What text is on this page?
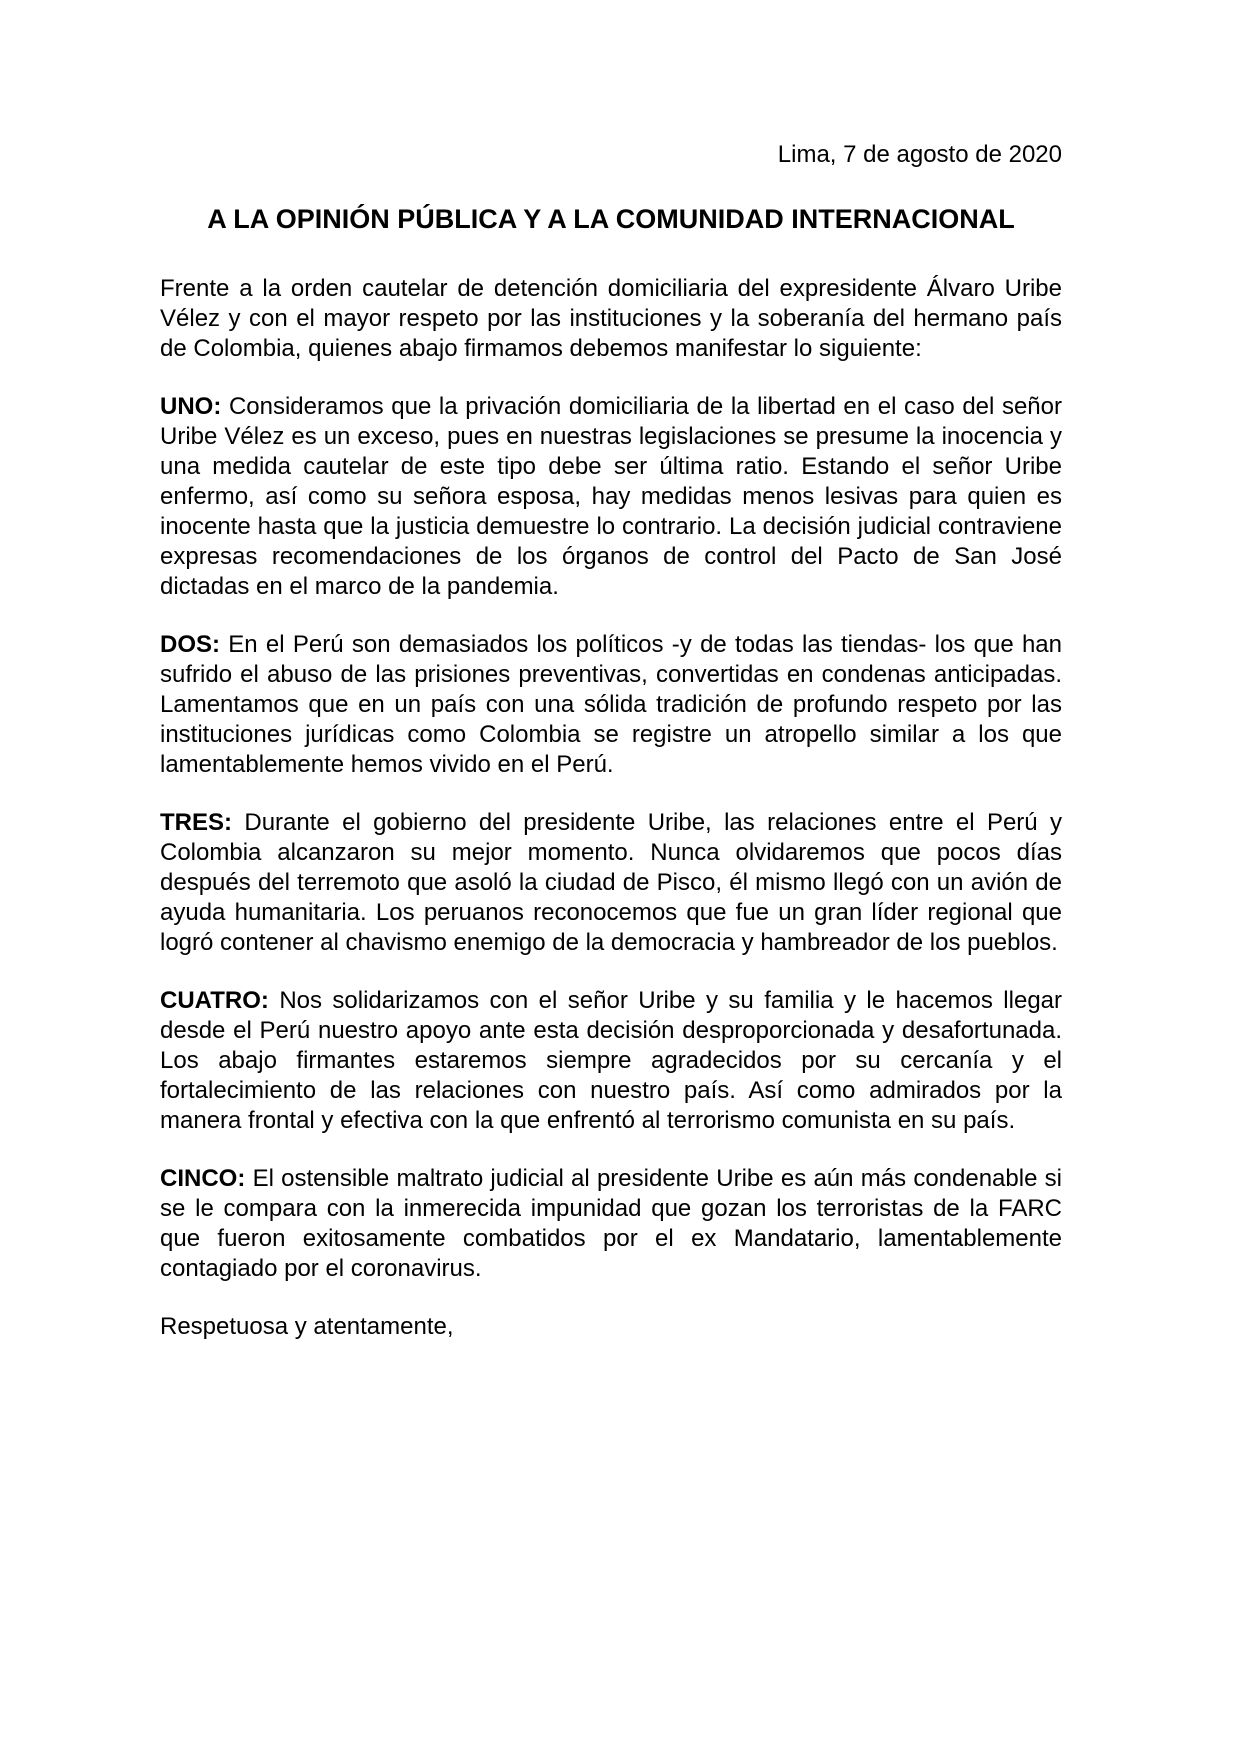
Lima, 7 de agosto de 2020

A LA OPINIÓN PÚBLICA Y A LA COMUNIDAD INTERNACIONAL

Frente a la orden cautelar de detención domiciliaria del expresidente Álvaro Uribe Vélez y con el mayor respeto por las instituciones y la soberanía del hermano país de Colombia, quienes abajo firmamos debemos manifestar lo siguiente:

UNO: Consideramos que la privación domiciliaria de la libertad en el caso del señor Uribe Vélez es un exceso, pues en nuestras legislaciones se presume la inocencia y una medida cautelar de este tipo debe ser última ratio. Estando el señor Uribe enfermo, así como su señora esposa, hay medidas menos lesivas para quien es inocente hasta que la justicia demuestre lo contrario. La decisión judicial contraviene expresas recomendaciones de los órganos de control del Pacto de San José dictadas en el marco de la pandemia.

DOS: En el Perú son demasiados los políticos -y de todas las tiendas- los que han sufrido el abuso de las prisiones preventivas, convertidas en condenas anticipadas. Lamentamos que en un país con una sólida tradición de profundo respeto por las instituciones jurídicas como Colombia se registre un atropello similar a los que lamentablemente hemos vivido en el Perú.

TRES: Durante el gobierno del presidente Uribe, las relaciones entre el Perú y Colombia alcanzaron su mejor momento. Nunca olvidaremos que pocos días después del terremoto que asoló la ciudad de Pisco, él mismo llegó con un avión de ayuda humanitaria. Los peruanos reconocemos que fue un gran líder regional que logró contener al chavismo enemigo de la democracia y hambreador de los pueblos.

CUATRO: Nos solidarizamos con el señor Uribe y su familia y le hacemos llegar desde el Perú nuestro apoyo ante esta decisión desproporcionada y desafortunada. Los abajo firmantes estaremos siempre agradecidos por su cercanía y el fortalecimiento de las relaciones con nuestro país. Así como admirados por la manera frontal y efectiva con la que enfrentó al terrorismo comunista en su país.

CINCO: El ostensible maltrato judicial al presidente Uribe es aún más condenable si se le compara con la inmerecida impunidad que gozan los terroristas de la FARC que fueron exitosamente combatidos por el ex Mandatario, lamentablemente contagiado por el coronavirus.

Respetuosa y atentamente,
